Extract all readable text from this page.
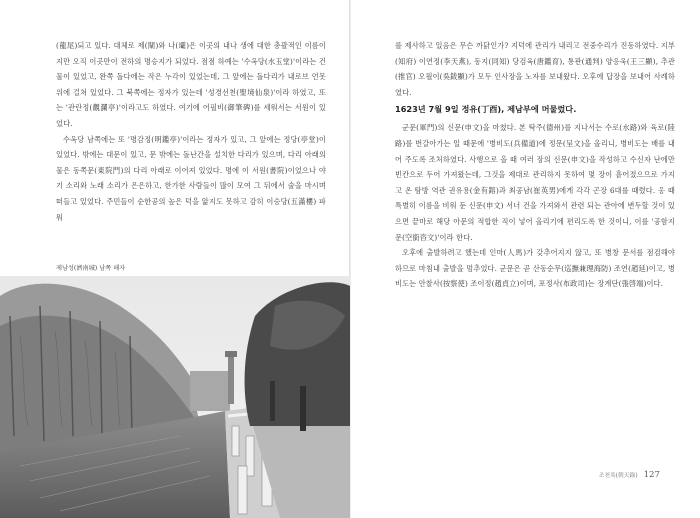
(龍尾)되고 있다. 대체로 제(閘)와 나(壩)은 이곳의 내나 생에 대한 총괄적인 이름이지만 오직 이곳만이 전하의 명승지가 되었다. 점점 하예는 '수옥당(水玉堂)'이라는 건물이 있었고, 완쪽 돌다에는 작은 누각이 있었는데, 그 앞에는 돌다리가 내로브 언못 위에 걸쳐 있었다. 그 북쪽에는 정자가 있는데 '성경선천(聖境仙泉)'이라 하였고, 또는 '관란정(觀瀾亭)'이라고도 하였다. 여기에 어필비(御筆碑)를 세워서는 서원이 있었다.

수옥당 남쪽에는 또 '명감정(明鑑亭)'이라는 정자가 있고, 그 앞에는 정당(亭堂)이 있었다. 밖에는 대문이 있고, 문 밖에는 돌난간을 설치한 다리가 있으며, 다리 아래의 물은 동쪽문(東院門)의 다리 아래로 이어져 있었다. 명에 이 서원(書院)이었으나 야기 소리와 노래 소리가 은은하고, 한가한 사람들이 많이 모여 그 뒤에서 술을 마시며 떠들고 있었다. 주민들이 순한공의 높은 덕을 앎지도 못하고 감히 이승당(五滿樓) 파워

제남성(濟南城) 남쪽 해자

를 제사하고 있음은 무슨 까닭인가? 지덕에 관리가 내리고 전중수리가 진동하였다. 지부(知府) 이연정(李天燕), 동지(同知) 당검육(唐鑑育), 통판(通判) 양응욱(王三顯), 추관(推官) 오월이(吳鈸顯)가 모두 인사장을 노자를 보내왔다. 오후에 답장을 보내어 사례하였다.

1623년 7월 9일 정유(丁酉), 제남부에 머물렀다.

군문(軍門)의 신문(申文)을 마쳤다. 본 탁주(德州)를 지나서는 수로(水路)와 육로(陸路)를 번갈아가는 일 때문에 '병비도(兵備道)에 정문(呈文)을 올리니, 병비도는 배를 내어 주도록 조처하였다. 사행으로 올 때 여러 장의 신문(申文)을 작성하고 수신자 난에만 빈칸으로 두어 가져왔는데, 그것을 제대로 관리하지 못하여 몇 장이 흩어졌으므로 가지고 온 탐방 역관 권유용(金有鎔)과 최공남(崔英男)에게 각각 곤장 6대를 때렸다. 옹 때 특별히 이름을 비워 둔 신문(申文) 서너 건을 가져와서 관련 되는 관아에 변두할 것이 있으면 끝마로 해당 아문의 적합한 직이 넣어 올리기에 편리도록 한 것이니, 이를 '공함지문(空銜咨文)'이라 한다.

오후에 출발하려고 했는데 인마(人馬)가 갖추어지지 않고, 또 병창 문서를 점검해야 하므로 마침내 출발을 멈추었다. 군문은 곧 산동순무(巡撫兼理海防) 조연(趙延)이고, 병비도는 안찰사(按察使) 조이정(趙貞立)이며, 포정사(布政司)는 장계단(張啓端)이다.

조천록(朝天錄) 127
